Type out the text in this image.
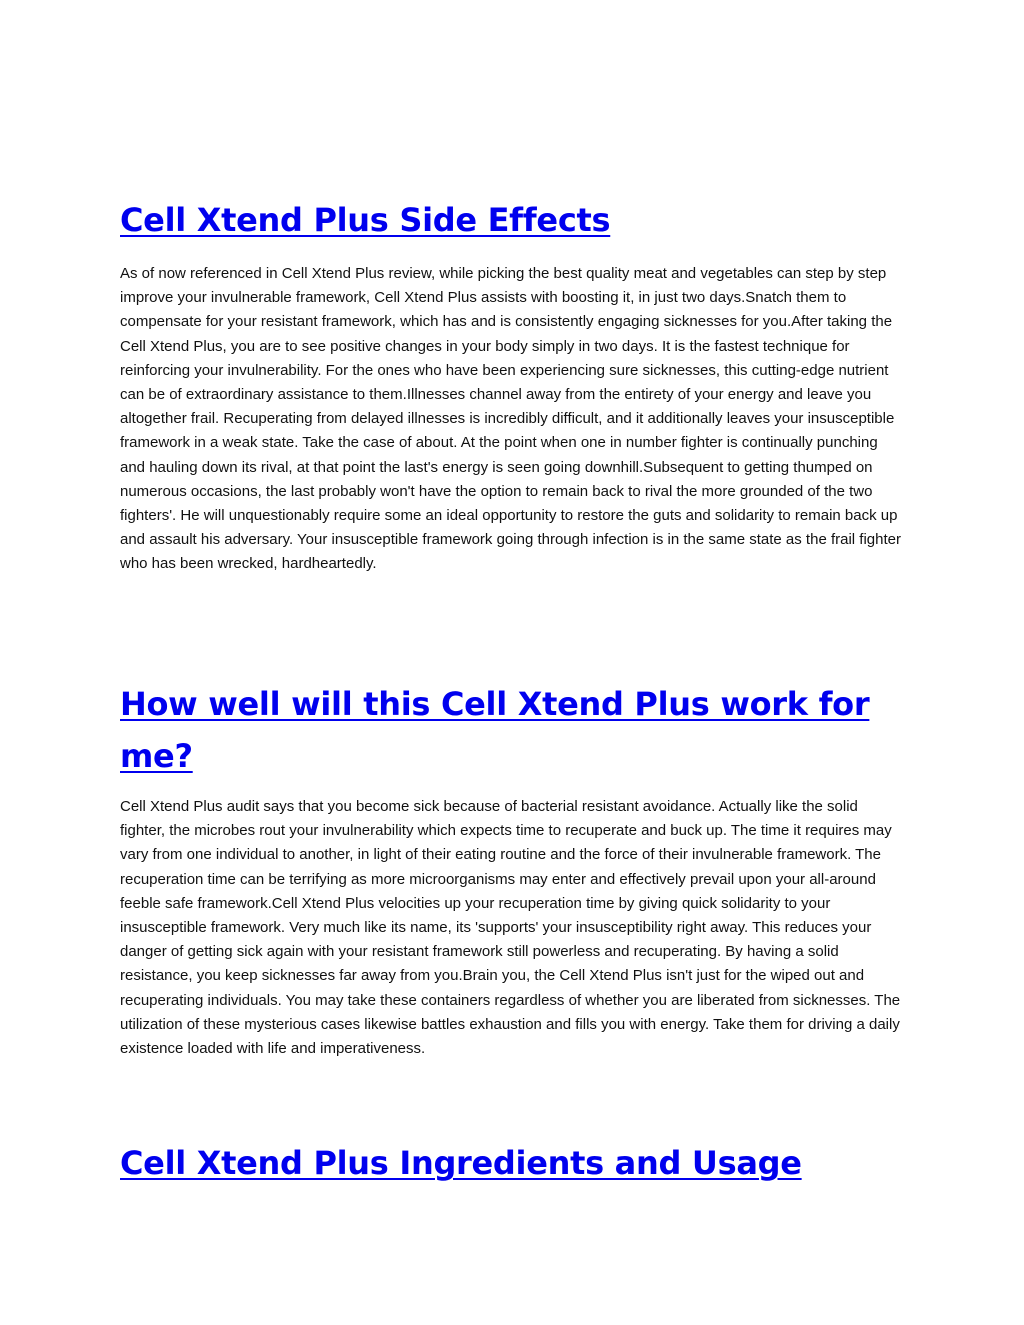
Cell Xtend Plus Side Effects

As of now referenced in Cell Xtend Plus review, while picking the best quality meat and vegetables can step by step improve your invulnerable framework, Cell Xtend Plus assists with boosting it, in just two days.Snatch them to compensate for your resistant framework, which has and is consistently engaging sicknesses for you.After taking the Cell Xtend Plus, you are to see positive changes in your body simply in two days. It is the fastest technique for reinforcing your invulnerability. For the ones who have been experiencing sure sicknesses, this cutting-edge nutrient can be of extraordinary assistance to them.Illnesses channel away from the entirety of your energy and leave you altogether frail. Recuperating from delayed illnesses is incredibly difficult, and it additionally leaves your insusceptible framework in a weak state. Take the case of about. At the point when one in number fighter is continually punching and hauling down its rival, at that point the last's energy is seen going downhill.Subsequent to getting thumped on numerous occasions, the last probably won't have the option to remain back to rival the more grounded of the two fighters'. He will unquestionably require some an ideal opportunity to restore the guts and solidarity to remain back up and assault his adversary. Your insusceptible framework going through infection is in the same state as the frail fighter who has been wrecked, hardheartedly.

How well will this Cell Xtend Plus work for me?

Cell Xtend Plus audit says that you become sick because of bacterial resistant avoidance. Actually like the solid fighter, the microbes rout your invulnerability which expects time to recuperate and buck up. The time it requires may vary from one individual to another, in light of their eating routine and the force of their invulnerable framework. The recuperation time can be terrifying as more microorganisms may enter and effectively prevail upon your all-around feeble safe framework.Cell Xtend Plus velocities up your recuperation time by giving quick solidarity to your insusceptible framework. Very much like its name, its 'supports' your insusceptibility right away. This reduces your danger of getting sick again with your resistant framework still powerless and recuperating. By having a solid resistance, you keep sicknesses far away from you.Brain you, the Cell Xtend Plus isn't just for the wiped out and recuperating individuals. You may take these containers regardless of whether you are liberated from sicknesses. The utilization of these mysterious cases likewise battles exhaustion and fills you with energy. Take them for driving a daily existence loaded with life and imperativeness.

Cell Xtend Plus Ingredients and Usage
